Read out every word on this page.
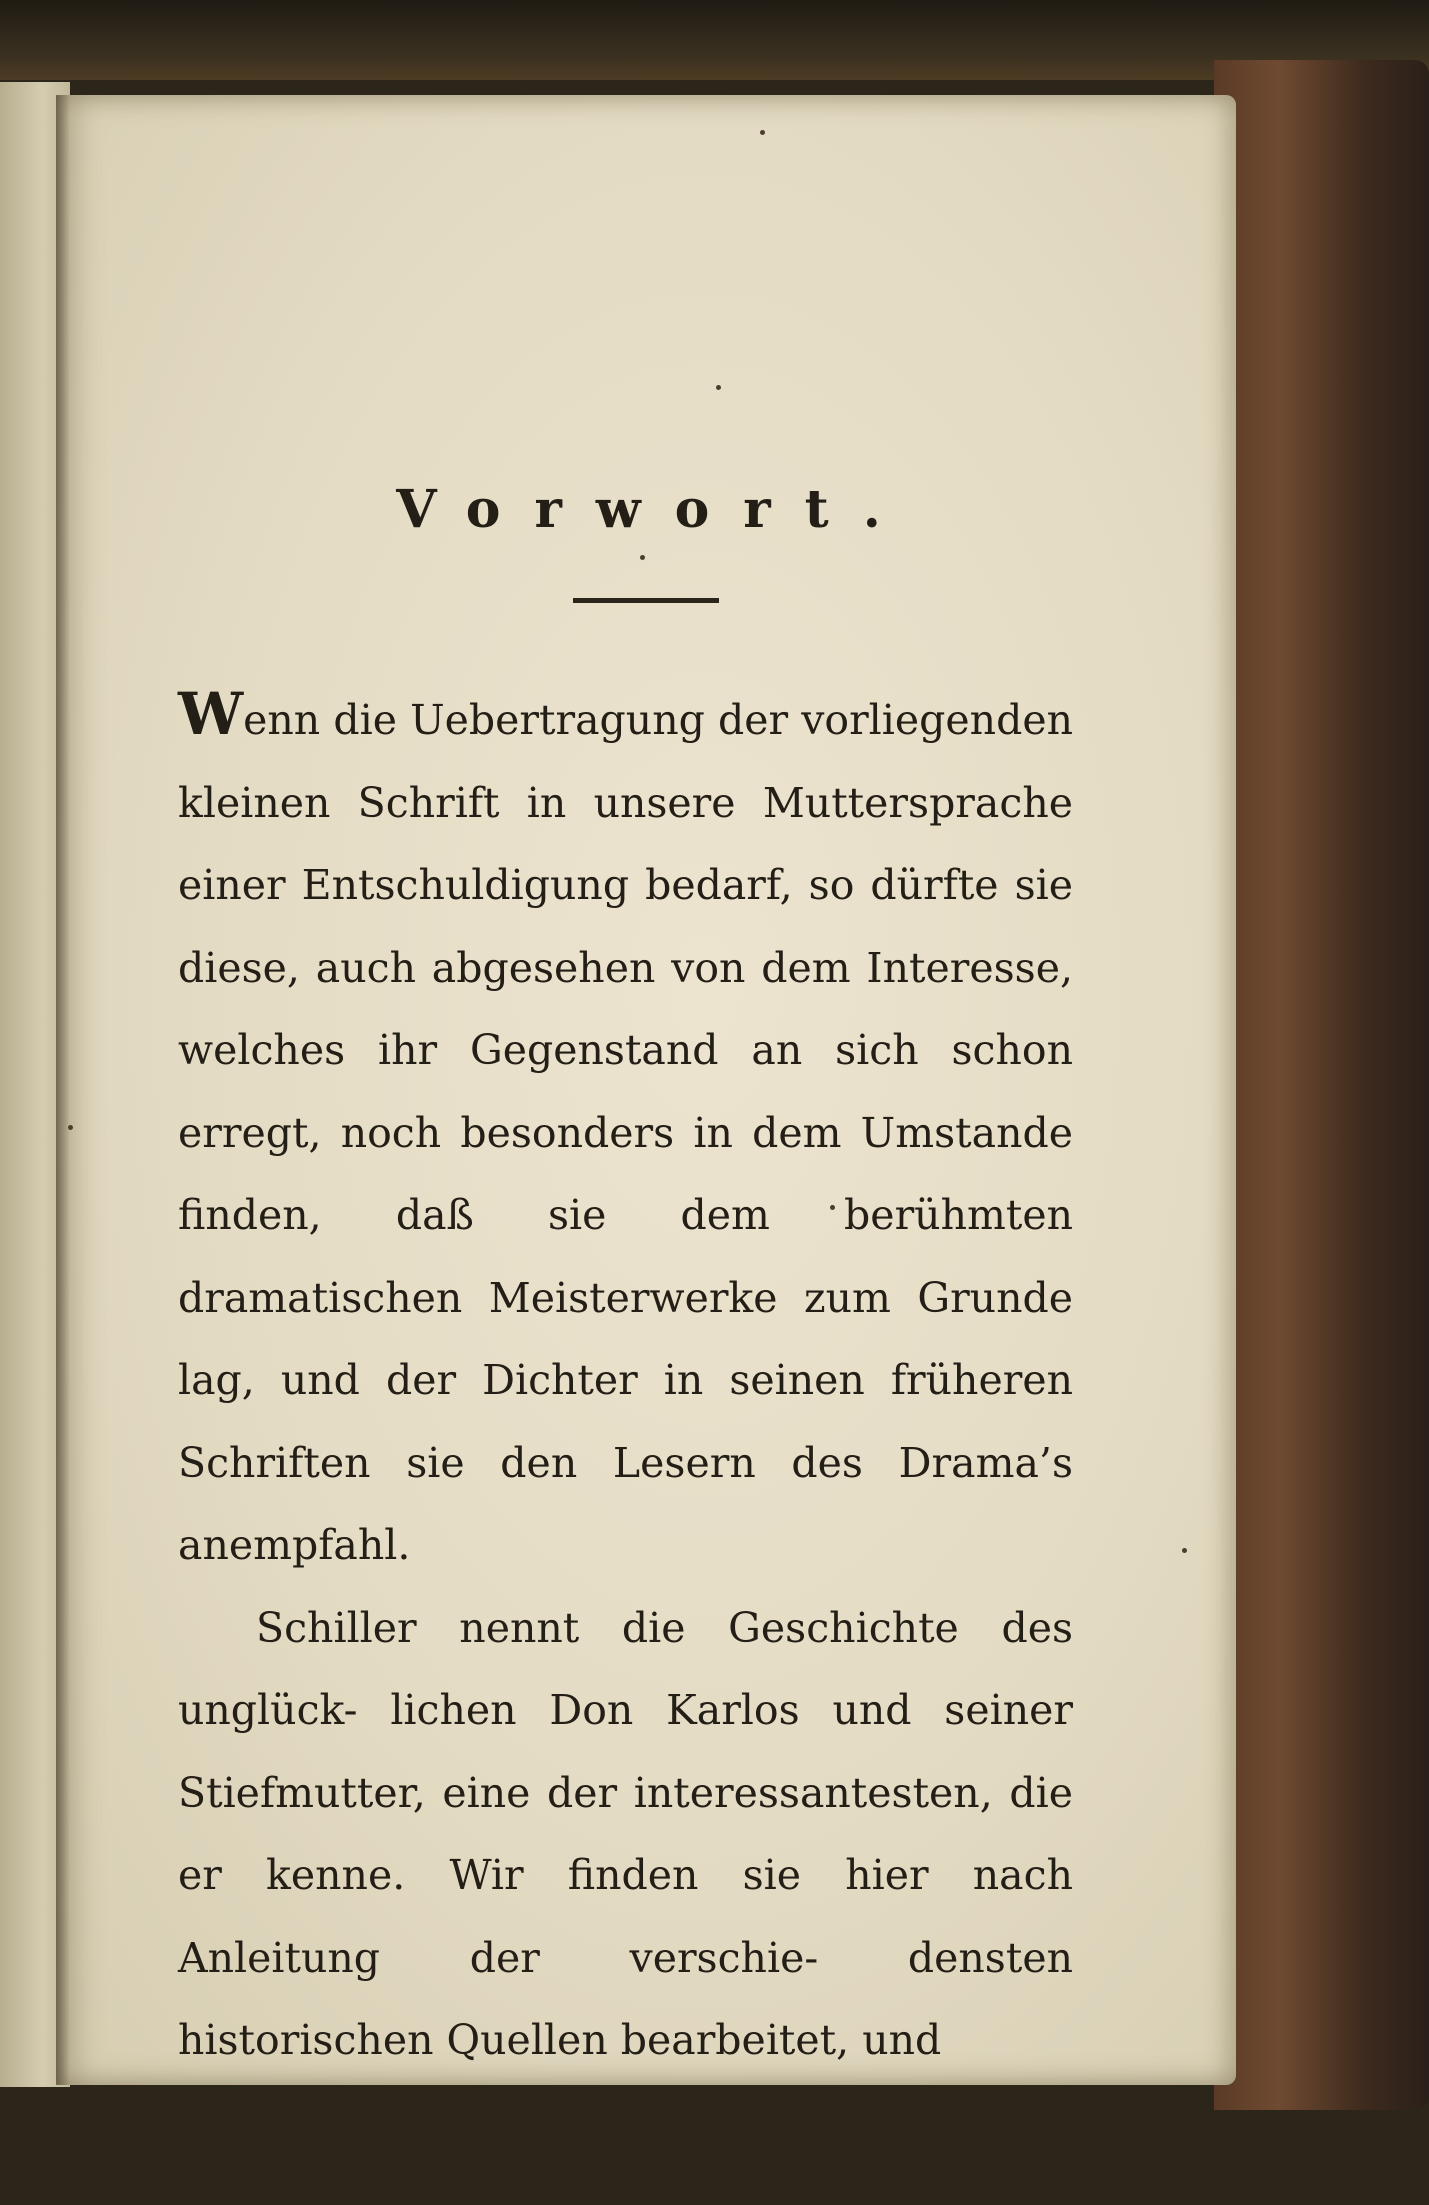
Vorwort.

Wenn die Uebertragung der vorliegenden kleinen Schrift in unsere Muttersprache einer Entschuldigung bedarf, so dürfte sie diese, auch abgesehen von dem Interesse, welches ihr Gegenstand an sich schon erregt, noch besonders in dem Umstande finden, daß sie dem berühmten dramatischen Meisterwerke zum Grunde lag, und der Dichter in seinen früheren Schriften sie den Lesern des Drama’s anempfahl.

Schiller nennt die Geschichte des unglück- lichen Don Karlos und seiner Stiefmutter, eine der interessantesten, die er kenne. Wir finden sie hier nach Anleitung der verschie- densten historischen Quellen bearbeitet, und
